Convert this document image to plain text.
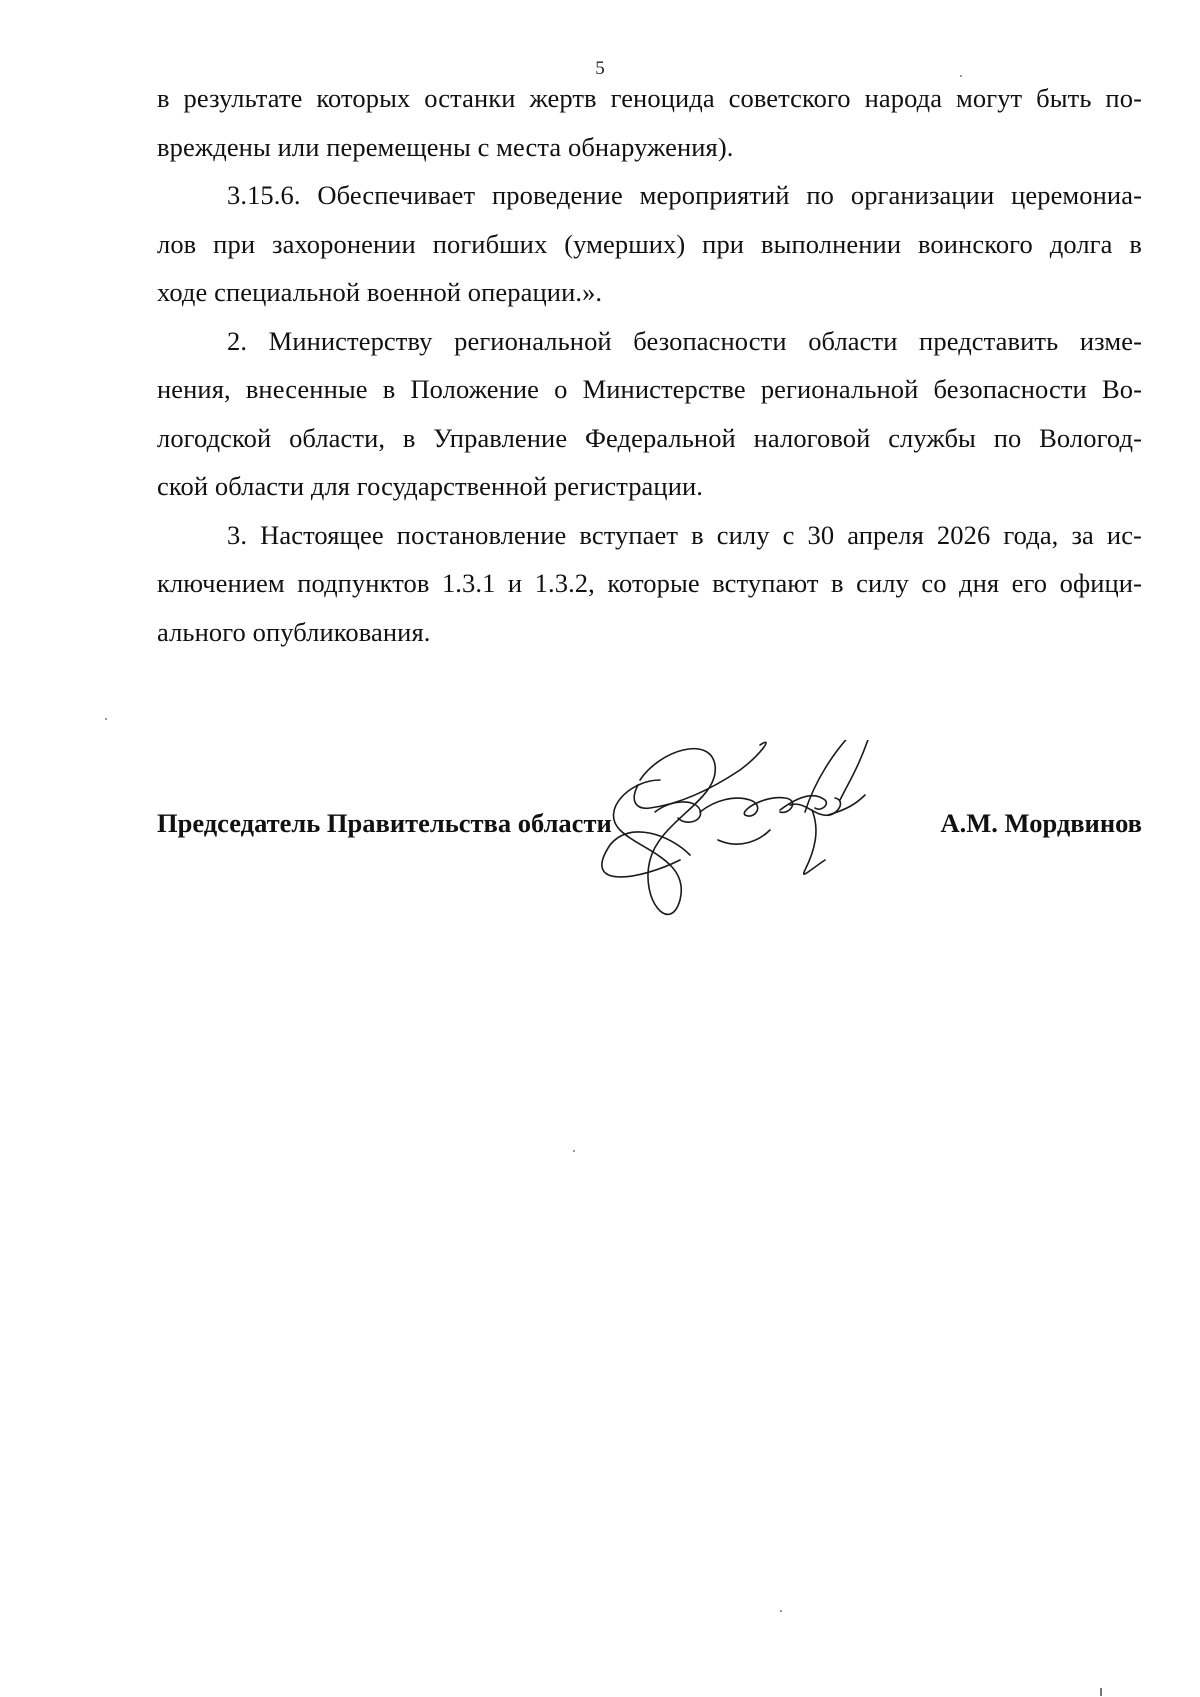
5
в результате которых останки жертв геноцида советского народа могут быть по-
вреждены или перемещены с места обнаружения).
3.15.6. Обеспечивает проведение мероприятий по организации церемониа-
лов при захоронении погибших (умерших) при выполнении воинского долга в
ходе специальной военной операции.».
2. Министерству региональной безопасности области представить изме-
нения, внесенные в Положение о Министерстве региональной безопасности Во-
логодской области, в Управление Федеральной налоговой службы по Вологод-
ской области для государственной регистрации.
3. Настоящее постановление вступает в силу с 30 апреля 2026 года, за ис-
ключением подпунктов 1.3.1 и 1.3.2, которые вступают в силу со дня его офици-
ального опубликования.
Председатель Правительства области	А.М. Мордвинов
